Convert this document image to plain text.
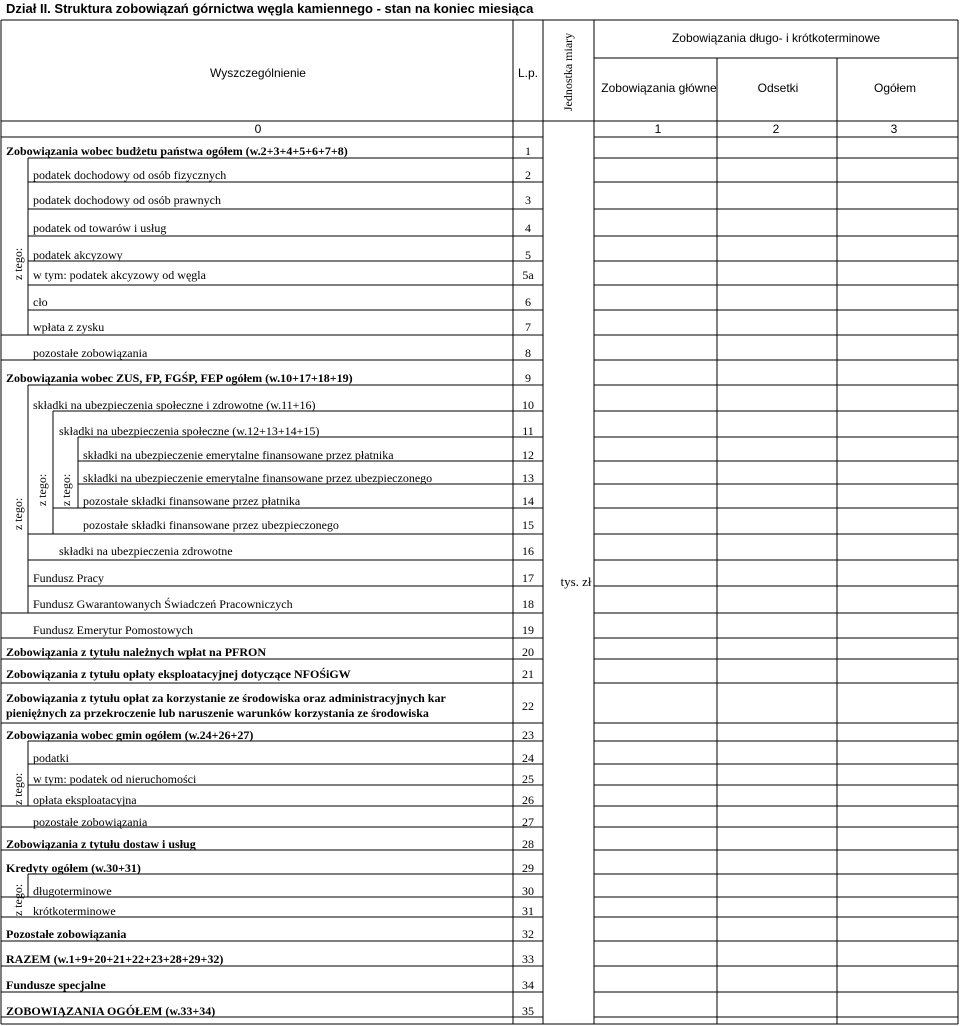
Dział II. Struktura zobowiązań górnictwa węgla kamiennego - stan na koniec miesiąca
Wyszczególnienie	L.p. Jednostka miary	Zobowiązania długo- i krótkoterminowe
Zobowiązania główne	Odsetki	Ogółem
0	1	2	3
z tego:
z tego:
z tego: z tego:
z tego:
z tego:
tys. zł
Zobowiązania wobec budżetu państwa ogółem (w.2+3+4+5+6+7+8)	1
podatek dochodowy od osób fizycznych	2
podatek dochodowy od osób prawnych	3
podatek od towarów i usług	4
podatek akcyzowy	5
w tym: podatek akcyzowy od węgla	5a
cło	6
wpłata z zysku	7
pozostałe zobowiązania	8
Zobowiązania wobec ZUS, FP, FGŚP, FEP ogółem (w.10+17+18+19)	9
składki na ubezpieczenia społeczne i zdrowotne (w.11+16)	10
składki na ubezpieczenia społeczne (w.12+13+14+15)	11
składki na ubezpieczenie emerytalne finansowane przez płatnika	12
składki na ubezpieczenie emerytalne finansowane przez ubezpieczonego	13
pozostałe składki finansowane przez płatnika	14
pozostałe składki finansowane przez ubezpieczonego	15
składki na ubezpieczenia zdrowotne	16
Fundusz Pracy	17
Fundusz Gwarantowanych Świadczeń Pracowniczych	18
Fundusz Emerytur Pomostowych	19
Zobowiązania z tytułu należnych wpłat na PFRON	20
Zobowiązania z tytułu opłaty eksploatacyjnej dotyczące NFOŚiGW	21
Zobowiązania z tytułu opłat za korzystanie ze środowiska oraz administracyjnych kar pieniężnych za przekroczenie lub naruszenie warunków korzystania ze środowiska	22
Zobowiązania wobec gmin ogółem (w.24+26+27)	23
podatki	24
w tym: podatek od nieruchomości	25
opłata eksploatacyjna	26
pozostałe zobowiązania	27
Zobowiązania z tytułu dostaw i usług	28
Kredyty ogółem (w.30+31)	29
długoterminowe	30
krótkoterminowe	31
Pozostałe zobowiązania	32
RAZEM (w.1+9+20+21+22+23+28+29+32)	33
Fundusze specjalne	34
ZOBOWIĄZANIA OGÓŁEM (w.33+34)	35
